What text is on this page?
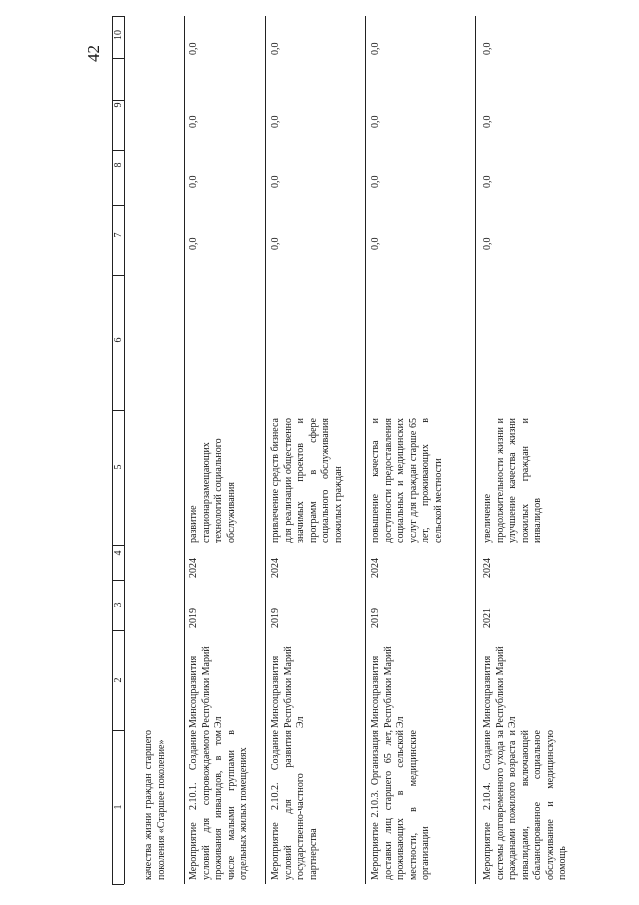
42
10
9
8
7
6
5
4
3
2
1 качества жизни граждан старшего поколения «Старшее поколение» Мероприятие 2.10.1. Создание условий для сопровождаемого проживания инвалидов, в том числе малыми группами в отдельных жилых помещениях
Минсоцразвития Республики Марий Эл
2019
2024
развитие стационарзамещающих технологий социального обслуживания
0,0
0,0
0,0
0,0
Мероприятие 2.10.2. Создание условий для развития государственно-частного партнерства
Минсоцразвития Республики Марий Эл
2019
2024
привлечение средств бизнеса для реализации общественно значимых проектов и программ в сфере социального обслуживания пожилых граждан
0,0
0,0
0,0
0,0
Мероприятие 2.10.3. Организация доставки лиц старшего 65 лет, проживающих в сельской местности, в медицинские организации
Минсоцразвития Республики Марий Эл
2019
2024
повышение качества и доступности предоставления социальных и медицинских услуг для граждан старше 65 лет, проживающих в сельской местности
0,0
0,0
0,0
0,0
Мероприятие 2.10.4. Создание системы долговременного ухода за гражданами пожилого возраста и инвалидами, включающей сбалансированное социальное обслуживание и медицинскую помощь
Минсоцразвития Республики Марий Эл
2021
2024
увеличение продолжительности жизни и улучшение качества жизни пожилых граждан и инвалидов
0,0
0,0
0,0
0,0
